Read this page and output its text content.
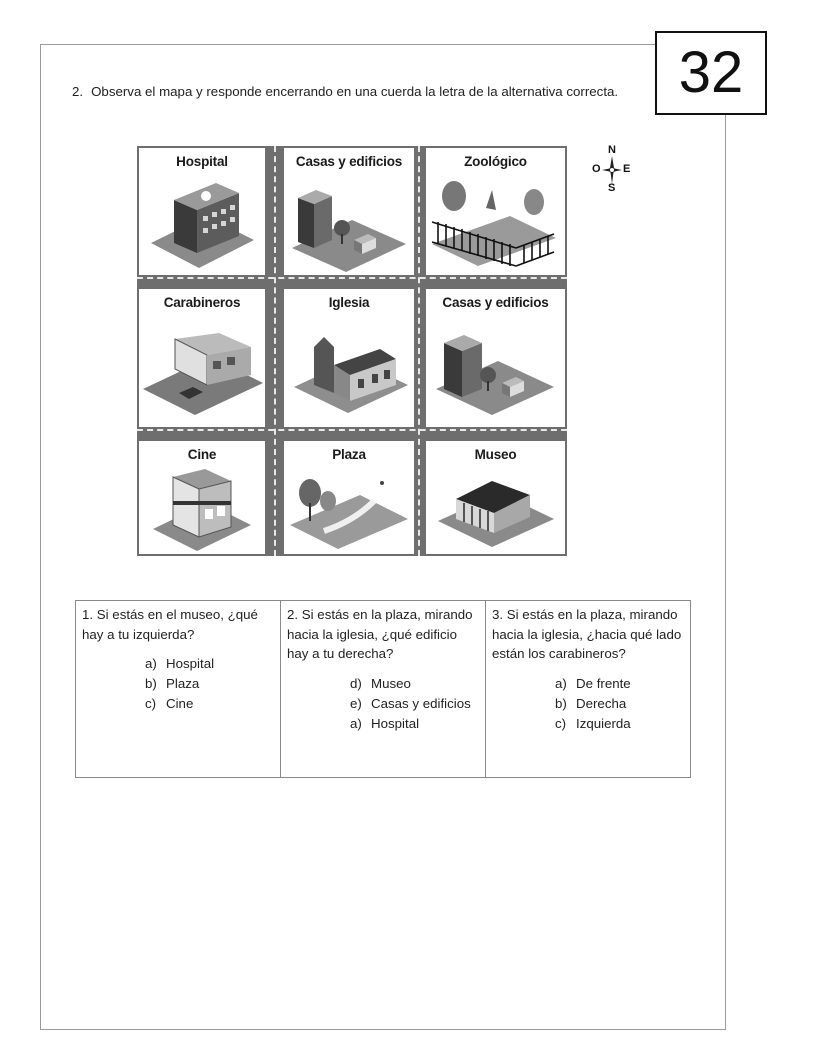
32
2. Observa el mapa y responde encerrando en una cuerda la letra de la alternativa correcta.
Hospital	Casas y edificios	Zoológico
Carabineros	Iglesia	Casas y edificios
Cine	Plaza	Museo
N
S
E
O
1. Si estás en el museo, ¿qué hay a tu izquierda?
a) Hospital
b) Plaza
c) Cine

2. Si estás en la plaza, mirando hacia la iglesia, ¿qué edificio hay a tu derecha?
d) Museo
e) Casas y edificios
a) Hospital

3. Si estás en la plaza, mirando hacia la iglesia, ¿hacia qué lado están los carabineros?
a) De frente
b) Derecha
c) Izquierda
